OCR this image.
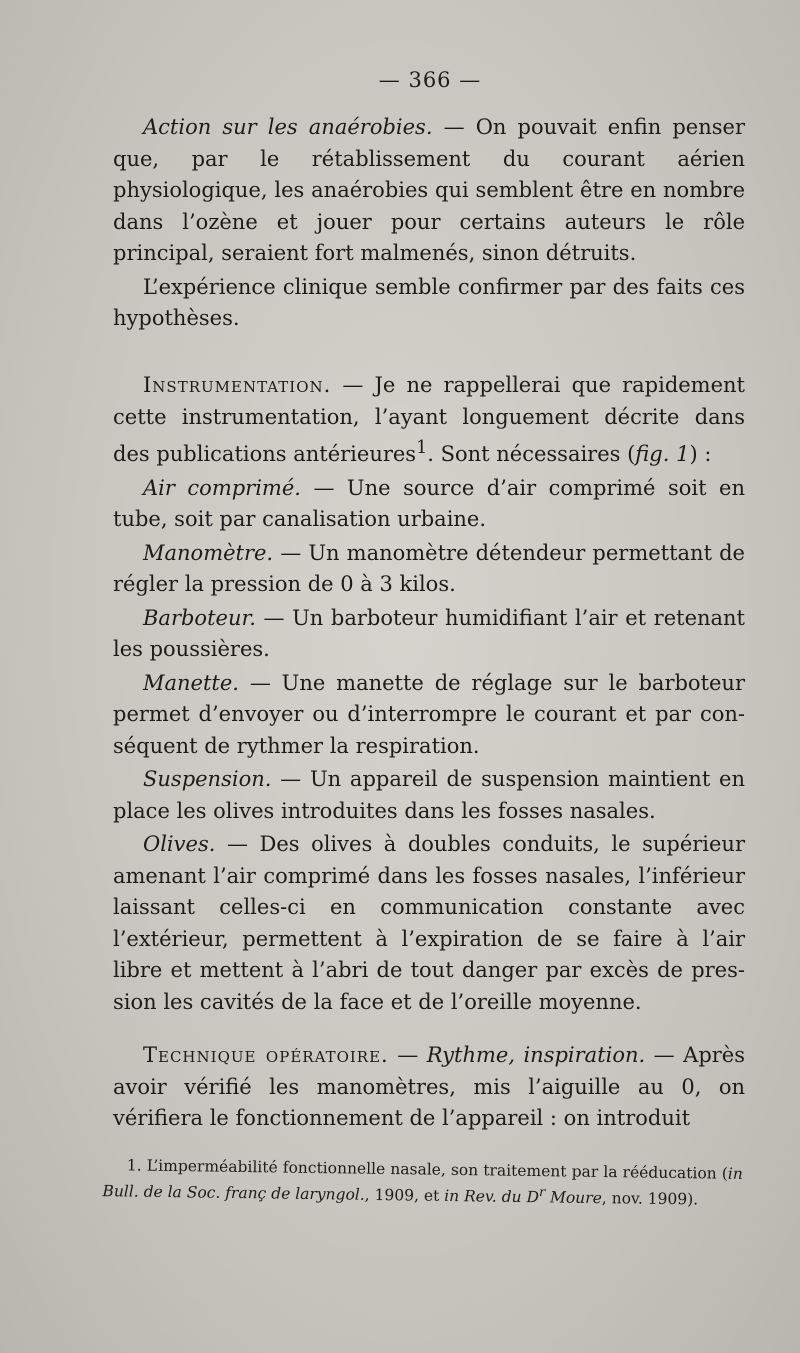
— 366 —

Action sur les anaérobies. — On pouvait enfin penser que, par le rétablissement du courant aérien physiologique, les anaérobies qui semblent être en nombre dans l’ozène et jouer pour certains auteurs le rôle principal, seraient fort malmenés, sinon détruits.

L’expérience clinique semble confirmer par des faits ces hypothèses.

Instrumentation. — Je ne rappellerai que rapidement cette instrumentation, l’ayant longuement décrite dans des publications antérieures$^1$. Sont nécessaires (fig. 1) :

Air comprimé. — Une source d’air comprimé soit en tube, soit par canalisation urbaine.

Manomètre. — Un manomètre détendeur permettant de régler la pression de 0 à 3 kilos.

Barboteur. — Un barboteur humidifiant l’air et retenant les poussières.

Manette. — Une manette de réglage sur le barboteur permet d’envoyer ou d’interrompre le courant et par conséquent de rythmer la respiration.

Suspension. — Un appareil de suspension maintient en place les olives introduites dans les fosses nasales.

Olives. — Des olives à doubles conduits, le supérieur amenant l’air comprimé dans les fosses nasales, l’inférieur laissant celles-ci en communication constante avec l’extérieur, permettent à l’expiration de se faire à l’air libre et mettent à l’abri de tout danger par excès de pression les cavités de la face et de l’oreille moyenne.

Technique opératoire. — Rythme, inspiration. — Après avoir vérifié les manomètres, mis l’aiguille au 0, on vérifiera le fonctionnement de l’appareil : on introduit

1. L’imperméabilité fonctionnelle nasale, son traitement par la rééducation (in Bull. de la Soc. franç de laryngol., 1909, et in Rev. du $D^r$ Moure, nov. 1909).
